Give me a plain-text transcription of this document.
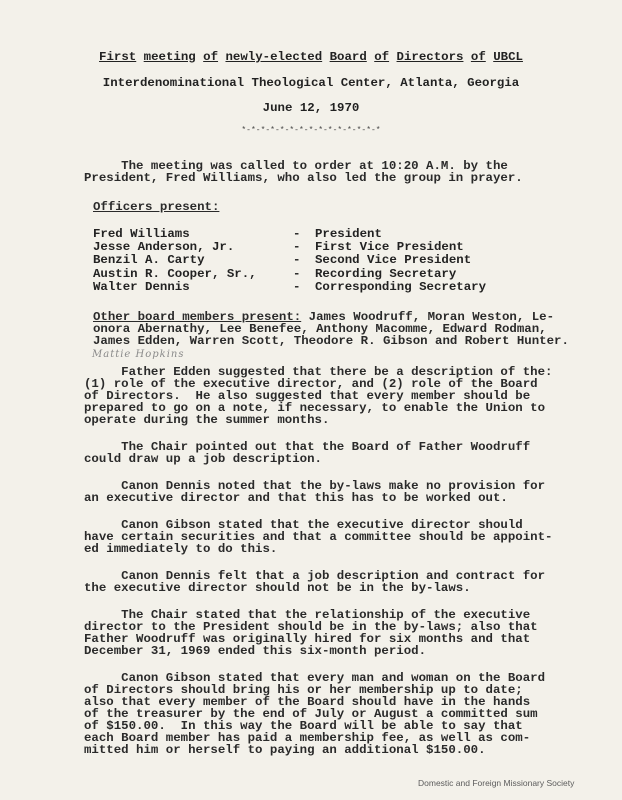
First meeting of newly-elected Board of Directors of UBCL
Interdenominational Theological Center, Atlanta, Georgia
June 12, 1970
*-*-*-*-*-*-*-*-*-*-*-*-*-*-*
The meeting was called to order at 10:20 A.M. by the
President, Fred Williams, who also led the group in prayer.
Officers present:
Fred Williams	-	President
Jesse Anderson, Jr.	-	First Vice President
Benzil A. Carty	-	Second Vice President
Austin R. Cooper, Sr.,	-	Recording Secretary
Walter Dennis	-	Corresponding Secretary
Other board members present: James Woodruff, Moran Weston, Le-
onora Abernathy, Lee Benefee, Anthony Macomme, Edward Rodman,
James Edden, Warren Scott, Theodore R. Gibson and Robert Hunter.
Mattie Hopkins
Father Edden suggested that there be a description of the:
(1) role of the executive director, and (2) role of the Board
of Directors.  He also suggested that every member should be
prepared to go on a note, if necessary, to enable the Union to
operate during the summer months.
The Chair pointed out that the Board of Father Woodruff
could draw up a job description.
Canon Dennis noted that the by-laws make no provision for
an executive director and that this has to be worked out.
Canon Gibson stated that the executive director should
have certain securities and that a committee should be appoint-
ed immediately to do this.
Canon Dennis felt that a job description and contract for
the executive director should not be in the by-laws.
The Chair stated that the relationship of the executive
director to the President should be in the by-laws; also that
Father Woodruff was originally hired for six months and that
December 31, 1969 ended this six-month period.
Canon Gibson stated that every man and woman on the Board
of Directors should bring his or her membership up to date;
also that every member of the Board should have in the hands
of the treasurer by the end of July or August a committed sum
of $150.00.  In this way the Board will be able to say that
each Board member has paid a membership fee, as well as com-
mitted him or herself to paying an additional $150.00.
Domestic and Foreign Missionary Society
